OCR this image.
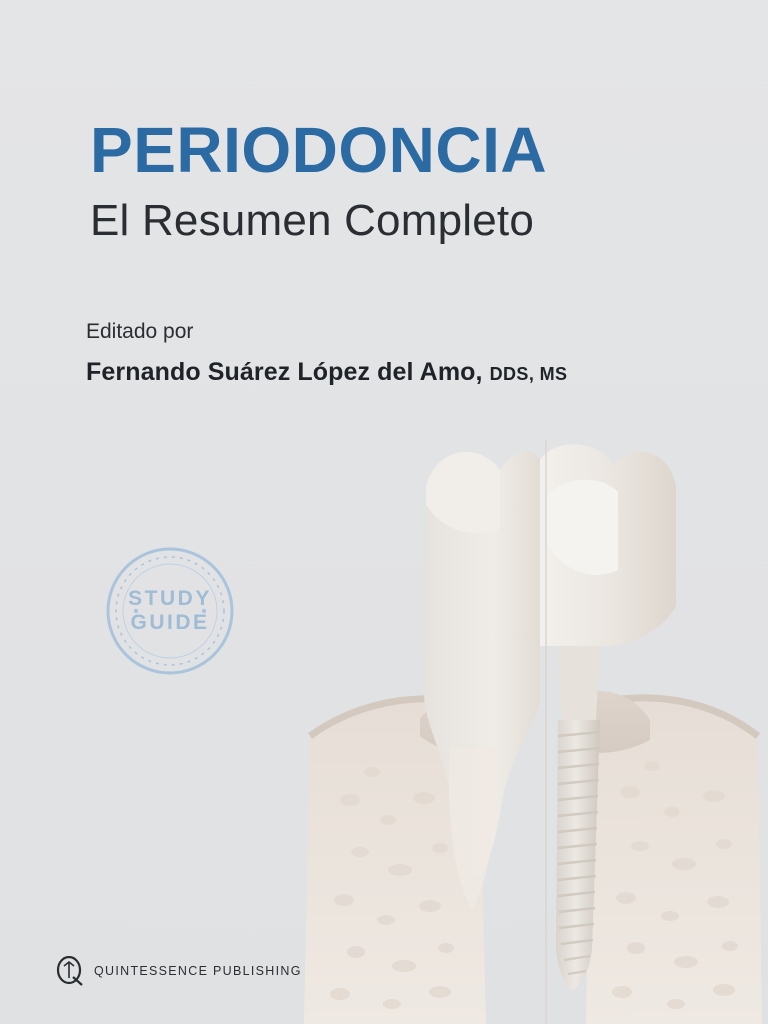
PERIODONCIA
El Resumen Completo

Editado por

Fernando Suárez López del Amo, DDS, MS

STUDY
GUIDE
QUINTESSENCE PUBLISHING
